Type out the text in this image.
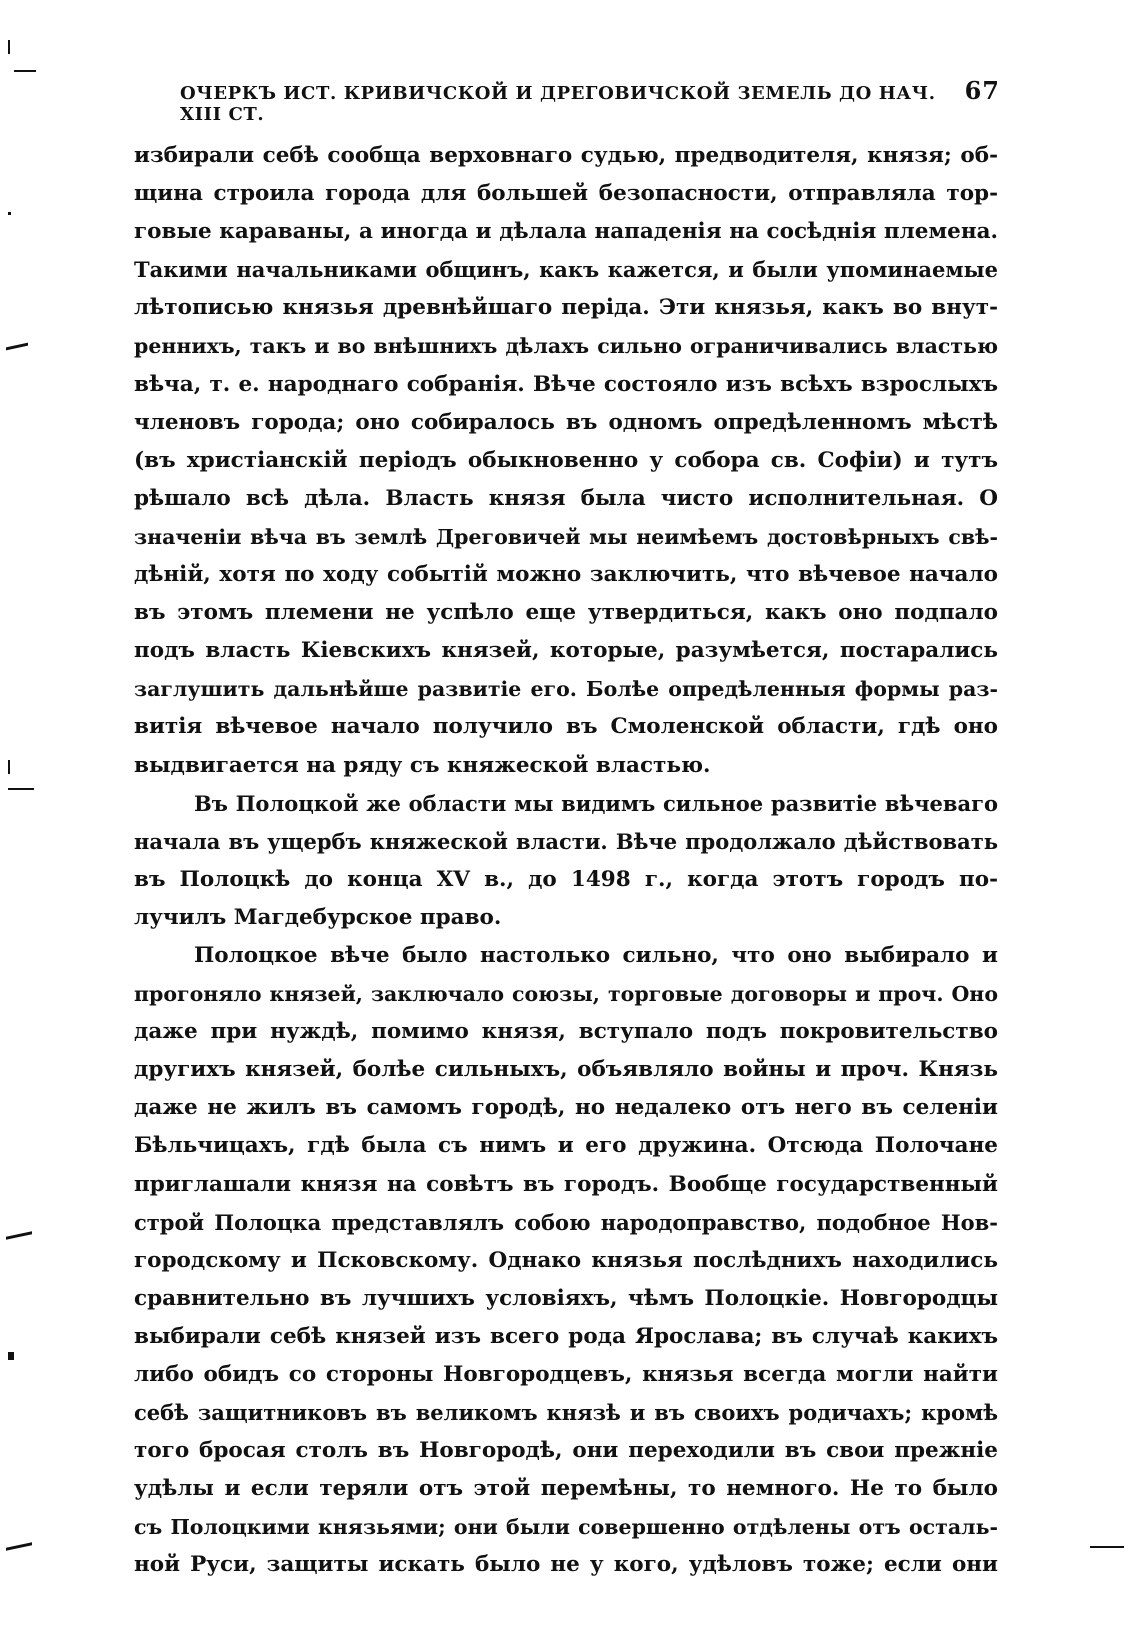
ОЧЕРКЪ ИСТ. КРИВИЧСКОЙ И ДРЕГОВИЧСКОЙ ЗЕМЕЛЬ ДО НАЧ. XIII СТ.
67
избирали себѣ сообща верховнаго судью, предводителя, князя; об-
щина строила города для большей безопасности, отправляла тор-
говые караваны, а иногда и дѣлала нападенія на сосѣднія племена.
Такими начальниками общинъ, какъ кажется, и были упоминаемые
лѣтописью князья древнѣйшаго періда. Эти князья, какъ во внут-
реннихъ, такъ и во внѣшнихъ дѣлахъ сильно ограничивались властью
вѣча, т. е. народнаго собранія. Вѣче состояло изъ всѣхъ взрослыхъ
членовъ города; оно собиралось въ одномъ опредѣленномъ мѣстѣ
(въ христіанскій періодъ обыкновенно у собора св. Софіи) и тутъ
рѣшало всѣ дѣла. Власть князя была чисто исполнительная. О
значеніи вѣча въ землѣ Дреговичей мы неимѣемъ достовѣрныхъ свѣ-
дѣній, хотя по ходу событій можно заключить, что вѣчевое начало
въ этомъ племени не успѣло еще утвердиться, какъ оно подпало
подъ власть Кіевскихъ князей, которые, разумѣется, постарались
заглушить дальнѣйше развитіе его. Болѣе опредѣленныя формы раз-
витія вѣчевое начало получило въ Смоленской области, гдѣ оно
выдвигается на ряду съ княжеской властью.
Въ Полоцкой же области мы видимъ сильное развитіе вѣчеваго
начала въ ущербъ княжеской власти. Вѣче продолжало дѣйствовать
въ Полоцкѣ до конца XV в., до 1498 г., когда этотъ городъ по-
лучилъ Магдебурское право.
Полоцкое вѣче было настолько сильно, что оно выбирало и
прогоняло князей, заключало союзы, торговые договоры и проч. Оно
даже при нуждѣ, помимо князя, вступало подъ покровительство
другихъ князей, болѣе сильныхъ, объявляло войны и проч. Князь
даже не жилъ въ самомъ городѣ, но недалеко отъ него въ селеніи
Бѣльчицахъ, гдѣ была съ нимъ и его дружина. Отсюда Полочане
приглашали князя на совѣтъ въ городъ. Вообще государственный
строй Полоцка представлялъ собою народоправство, подобное Нов-
городскому и Псковскому. Однако князья послѣднихъ находились
сравнительно въ лучшихъ условіяхъ, чѣмъ Полоцкіе. Новгородцы
выбирали себѣ князей изъ всего рода Ярослава; въ случаѣ какихъ
либо обидъ со стороны Новгородцевъ, князья всегда могли найти
себѣ защитниковъ въ великомъ князѣ и въ своихъ родичахъ; кромѣ
того бросая столъ въ Новгородѣ, они переходили въ свои прежніе
удѣлы и если теряли отъ этой перемѣны, то немного. Не то было
съ Полоцкими князьями; они были совершенно отдѣлены отъ осталь-
ной Руси, защиты искать было не у кого, удѣловъ тоже; если они
